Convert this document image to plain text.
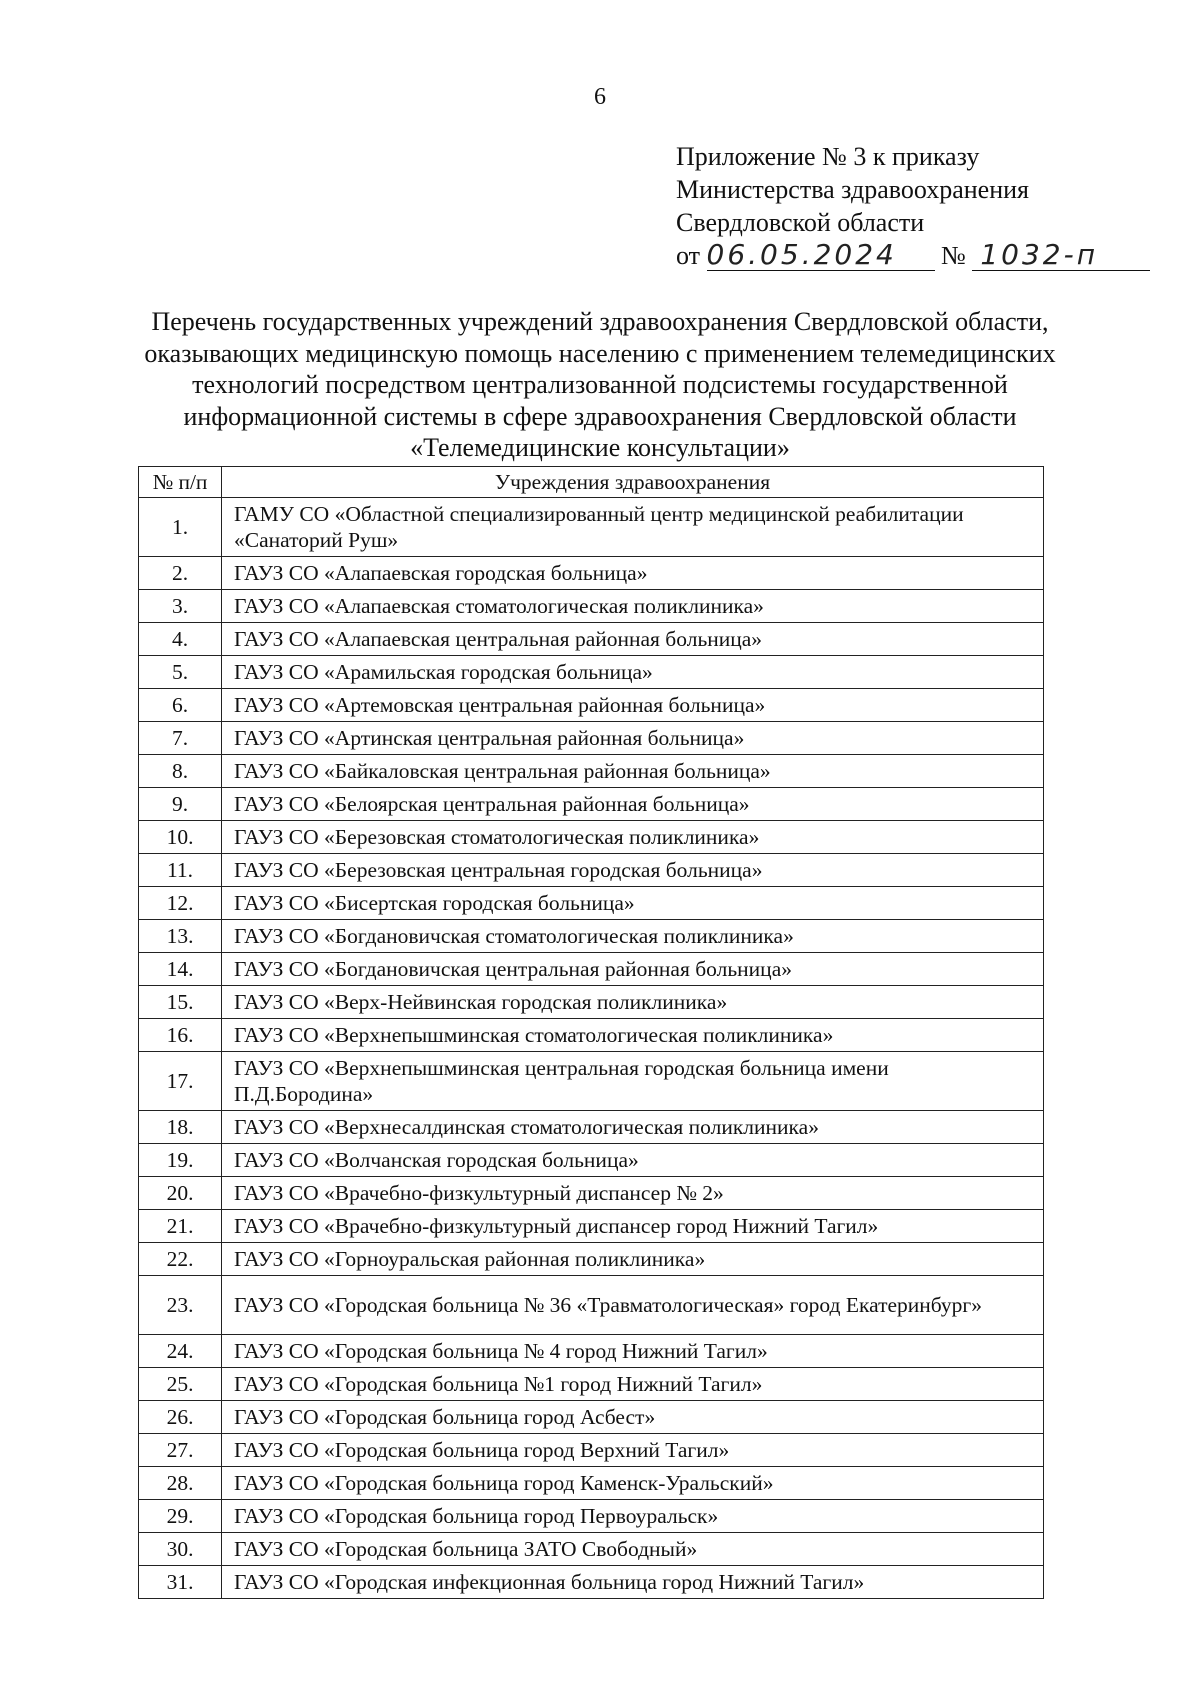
6
Приложение № 3 к приказу
Министерства здравоохранения
Свердловской области
от 06.05.2024 № 1032-п
Перечень государственных учреждений здравоохранения Свердловской области,
оказывающих медицинскую помощь населению с применением телемедицинских
технологий посредством централизованной подсистемы государственной
информационной системы в сфере здравоохранения Свердловской области
«Телемедицинские консультации»
№ п/п	Учреждения здравоохранения
1.	ГАМУ СО «Областной специализированный центр медицинской реабилитации «Санаторий Руш»
2.	ГАУЗ СО «Алапаевская городская больница»
3.	ГАУЗ СО «Алапаевская стоматологическая поликлиника»
4.	ГАУЗ СО «Алапаевская центральная районная больница»
5.	ГАУЗ СО «Арамильская городская больница»
6.	ГАУЗ СО «Артемовская центральная районная больница»
7.	ГАУЗ СО «Артинская центральная районная больница»
8.	ГАУЗ СО «Байкаловская центральная районная больница»
9.	ГАУЗ СО «Белоярская центральная районная больница»
10.	ГАУЗ СО «Березовская стоматологическая поликлиника»
11.	ГАУЗ СО «Березовская центральная городская больница»
12.	ГАУЗ СО «Бисертская городская больница»
13.	ГАУЗ СО «Богдановичская стоматологическая поликлиника»
14.	ГАУЗ СО «Богдановичская центральная районная больница»
15.	ГАУЗ СО «Верх-Нейвинская городская поликлиника»
16.	ГАУЗ СО «Верхнепышминская стоматологическая поликлиника»
17.	ГАУЗ СО «Верхнепышминская центральная городская больница имени П.Д.Бородина»
18.	ГАУЗ СО «Верхнесалдинская стоматологическая поликлиника»
19.	ГАУЗ СО «Волчанская городская больница»
20.	ГАУЗ СО «Врачебно-физкультурный диспансер № 2»
21.	ГАУЗ СО «Врачебно-физкультурный диспансер город Нижний Тагил»
22.	ГАУЗ СО «Горноуральская районная поликлиника»
23.	ГАУЗ СО «Городская больница № 36 «Травматологическая» город Екатеринбург»
24.	ГАУЗ СО «Городская больница № 4 город Нижний Тагил»
25.	ГАУЗ СО «Городская больница №1 город Нижний Тагил»
26.	ГАУЗ СО «Городская больница город Асбест»
27.	ГАУЗ СО «Городская больница город Верхний Тагил»
28.	ГАУЗ СО «Городская больница город Каменск-Уральский»
29.	ГАУЗ СО «Городская больница город Первоуральск»
30.	ГАУЗ СО «Городская больница ЗАТО Свободный»
31.	ГАУЗ СО «Городская инфекционная больница город Нижний Тагил»
